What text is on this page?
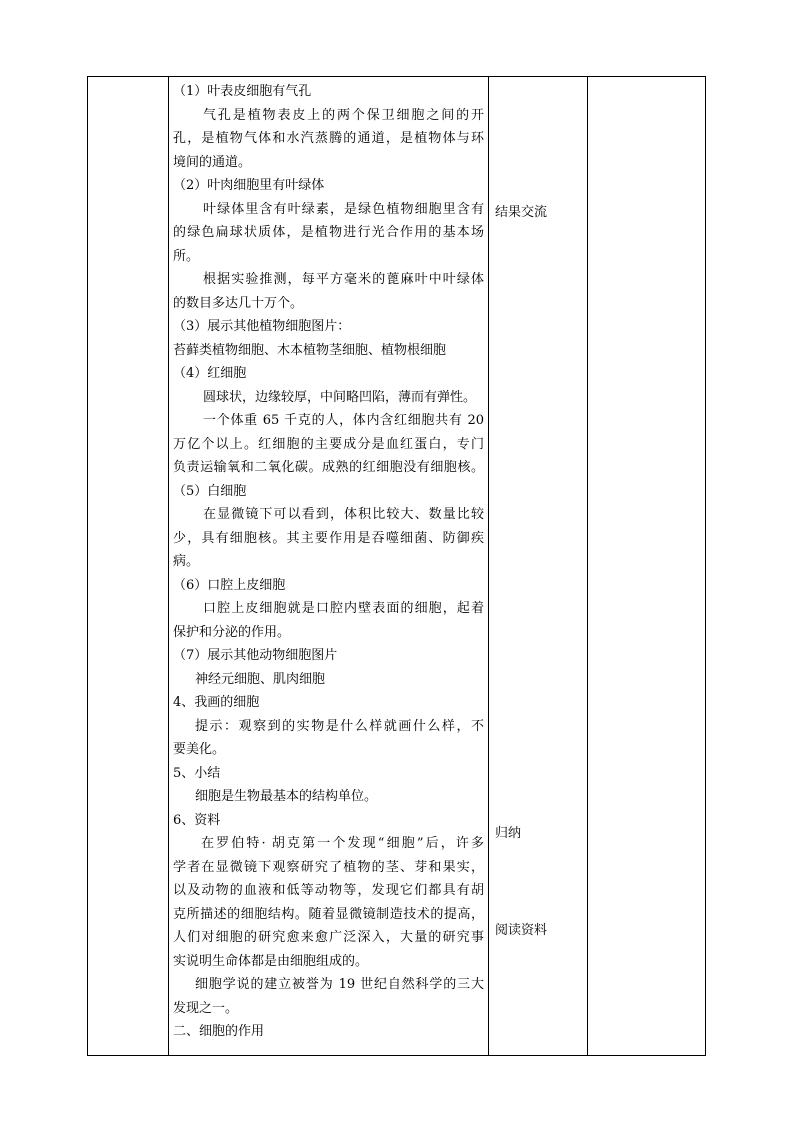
（1）叶表皮细胞有气孔
气孔是植物表皮上的两个保卫细胞之间的开
孔，是植物气体和水汽蒸腾的通道，是植物体与环
境间的通道。
（2）叶肉细胞里有叶绿体
叶绿体里含有叶绿素，是绿色植物细胞里含有
的绿色扁球状质体，是植物进行光合作用的基本场
所。
根据实验推测，每平方毫米的蓖麻叶中叶绿体
的数目多达几十万个。
（3）展示其他植物细胞图片：
苔藓类植物细胞、木本植物茎细胞、植物根细胞
（4）红细胞
圆球状，边缘较厚，中间略凹陷，薄而有弹性。
一个体重 65 千克的人，体内含红细胞共有 20
万亿个以上。红细胞的主要成分是血红蛋白，专门
负责运输氧和二氧化碳。成熟的红细胞没有细胞核。
（5）白细胞
在显微镜下可以看到，体积比较大、数量比较
少，具有细胞核。其主要作用是吞噬细菌、防御疾
病。
（6）口腔上皮细胞
口腔上皮细胞就是口腔内壁表面的细胞，起着
保护和分泌的作用。
（7）展示其他动物细胞图片
神经元细胞、肌肉细胞
4、我画的细胞
提示：观察到的实物是什么样就画什么样，不
要美化。
5、小结
细胞是生物最基本的结构单位。
6、资料
在罗伯特· 胡克第一个发现“细胞”后，许多
学者在显微镜下观察研究了植物的茎、芽和果实，
以及动物的血液和低等动物等，发现它们都具有胡
克所描述的细胞结构。随着显微镜制造技术的提高，
人们对细胞的研究愈来愈广泛深入，大量的研究事
实说明生命体都是由细胞组成的。
细胞学说的建立被誉为 19 世纪自然科学的三大
发现之一。
二、细胞的作用
结果交流
归纳
阅读资料
